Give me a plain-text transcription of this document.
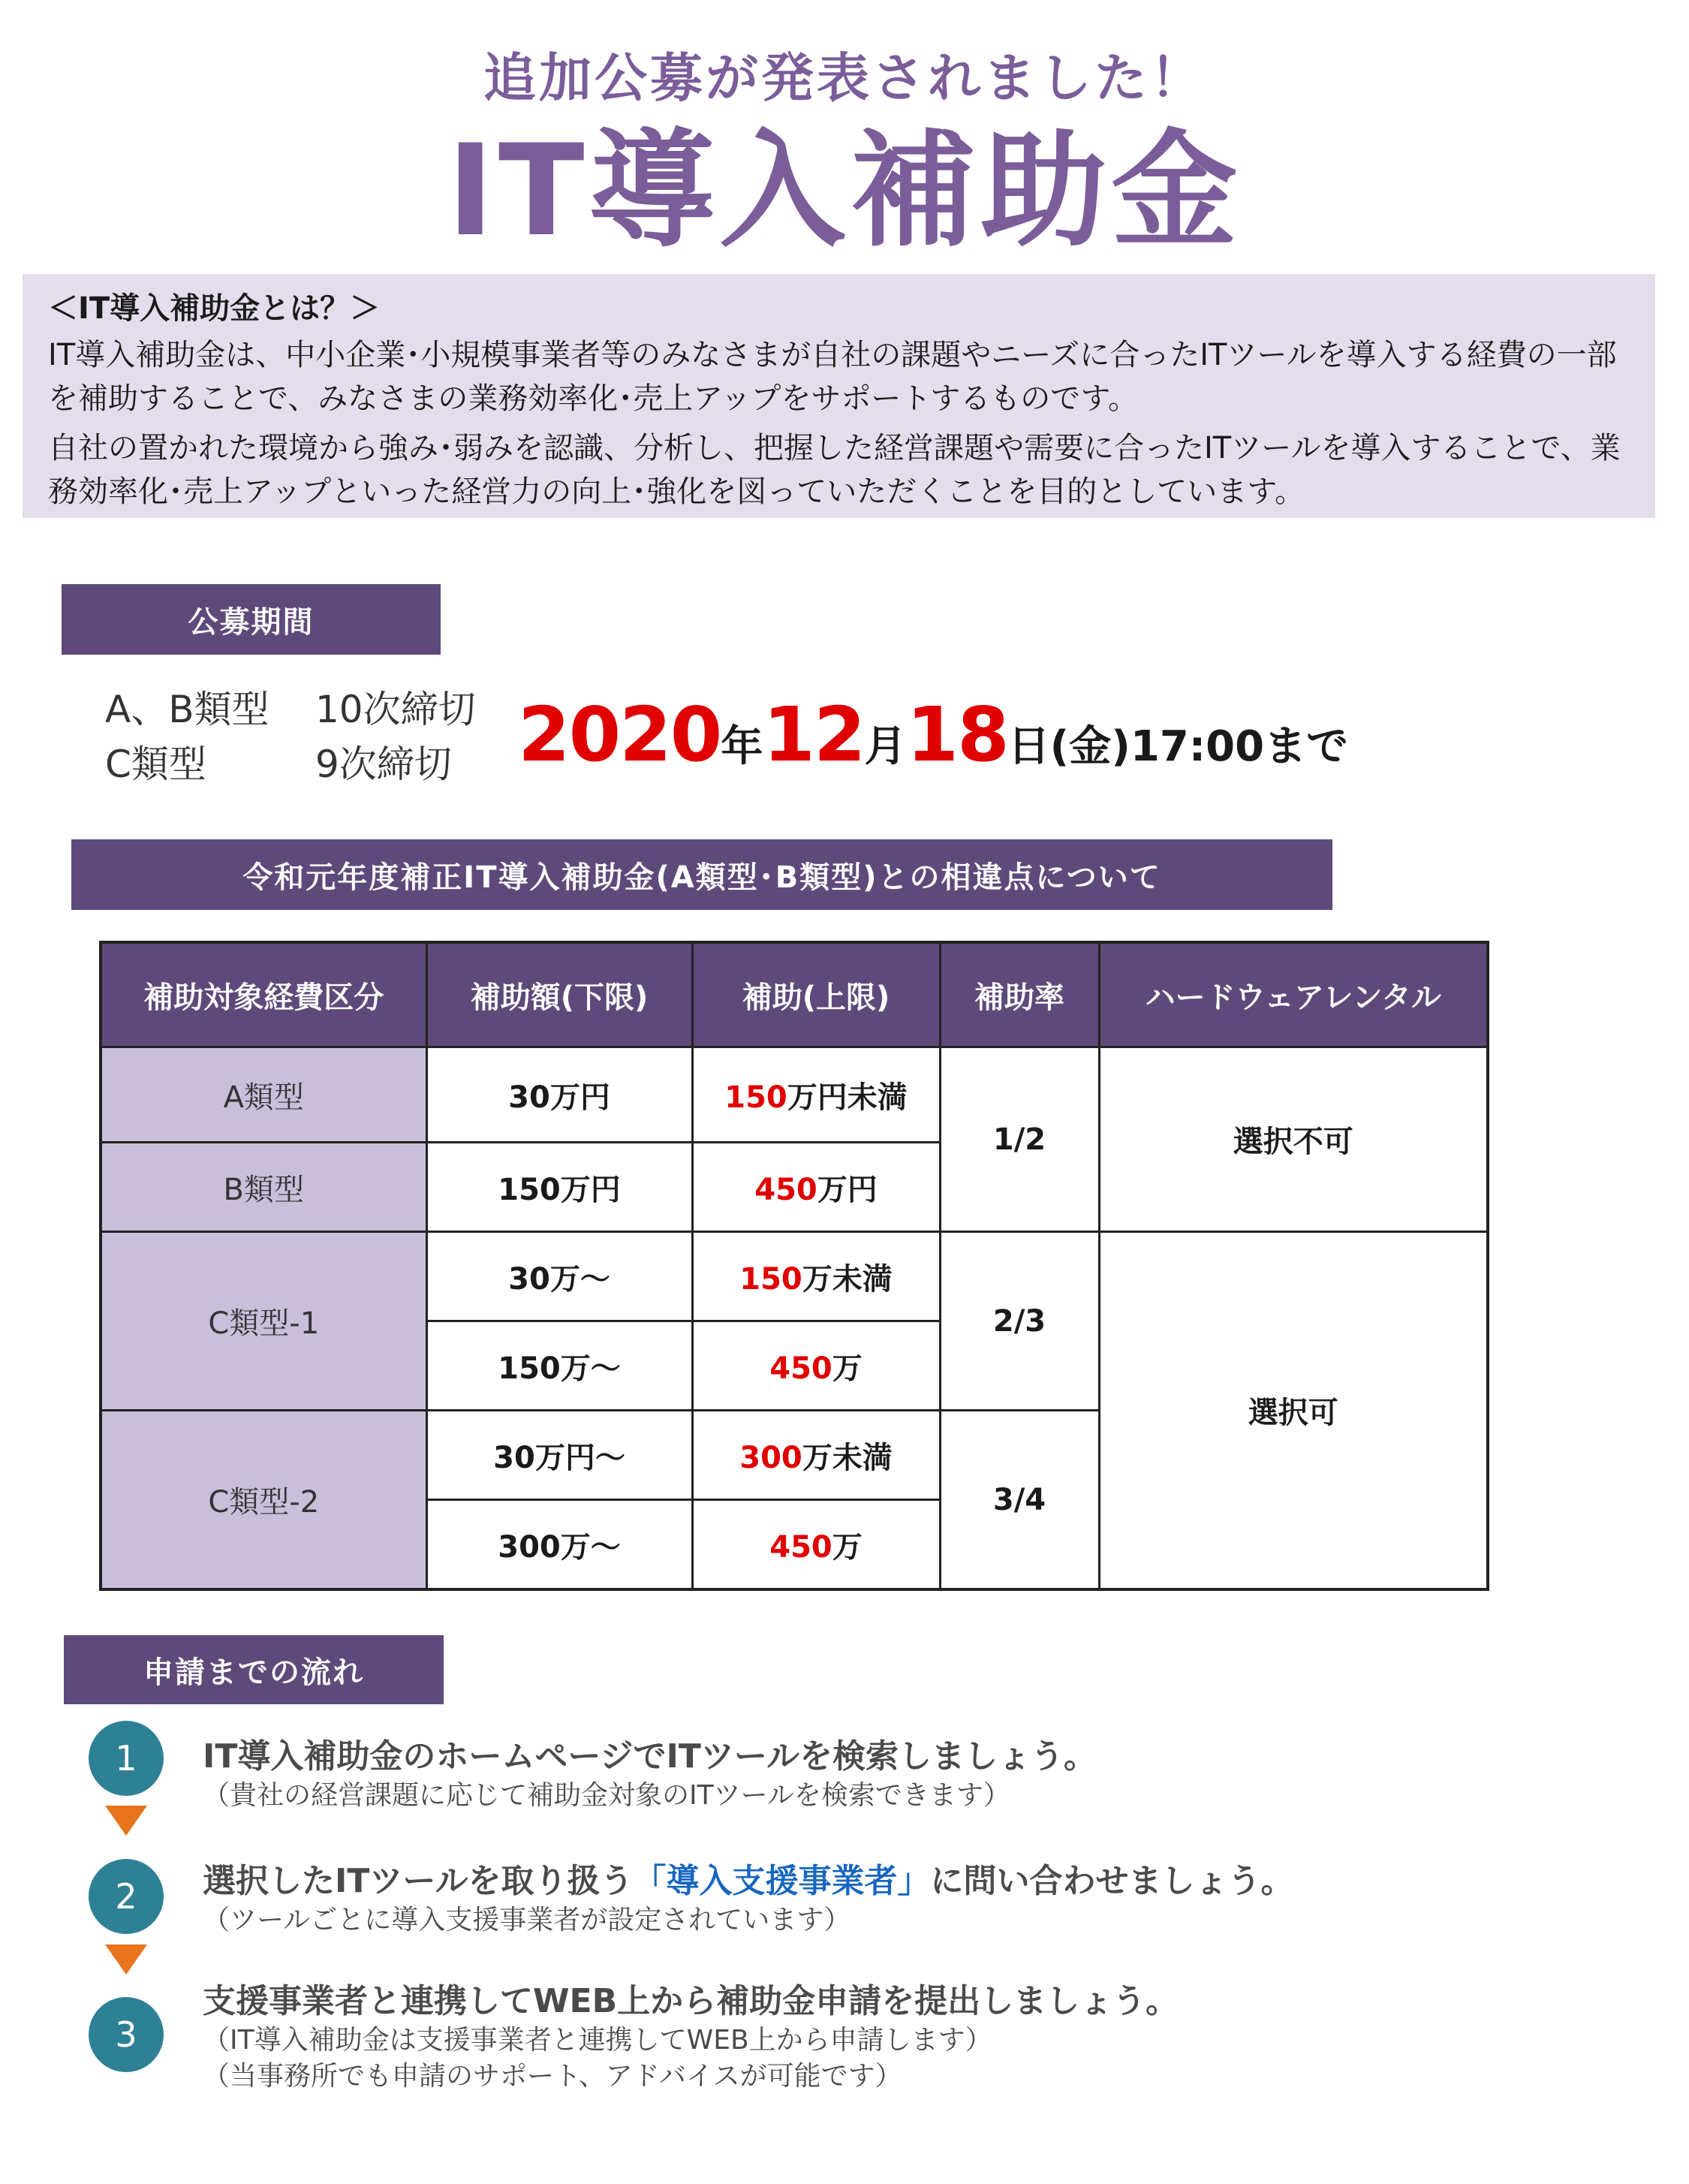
追加公募が発表されました！
IT導入補助金
＜IT導入補助金とは？＞
IT導入補助金は、中小企業･小規模事業者等のみなさまが自社の課題やニーズに合ったITツールを導入する経費の一部を補助することで、みなさまの業務効率化･売上アップをサポートするものです。
自社の置かれた環境から強み･弱みを認識、分析し、把握した経営課題や需要に合ったITツールを導入することで、業務効率化･売上アップといった経営力の向上･強化を図っていただくことを目的としています。
公募期間
A、B類型 10次締切
C類型	9次締切 2020年12月18日(金)17:00まで
令和元年度補正IT導入補助金(A類型･B類型)との相違点について
補助対象経費区分	補助額(下限)	補助(上限)	補助率	ハードウェアレンタル
A類型	30万円	150万円未満	1/2	選択不可
B類型	150万円	450万円		
C類型-1	30万～	150万未満	2/3	選択可
	150万～	450万		
C類型-2	30万円～	300万未満	3/4	
	300万～	450万		
申請までの流れ
1
2
3
IT導入補助金のホームページでITツールを検索しましょう。
（貴社の経営課題に応じて補助金対象のITツールを検索できます）
選択したITツールを取り扱う「導入支援事業者」に問い合わせましょう。
（ツールごとに導入支援事業者が設定されています）
支援事業者と連携してWEB上から補助金申請を提出しましょう。
（IT導入補助金は支援事業者と連携してWEB上から申請します）
（当事務所でも申請のサポート、アドバイスが可能です）
